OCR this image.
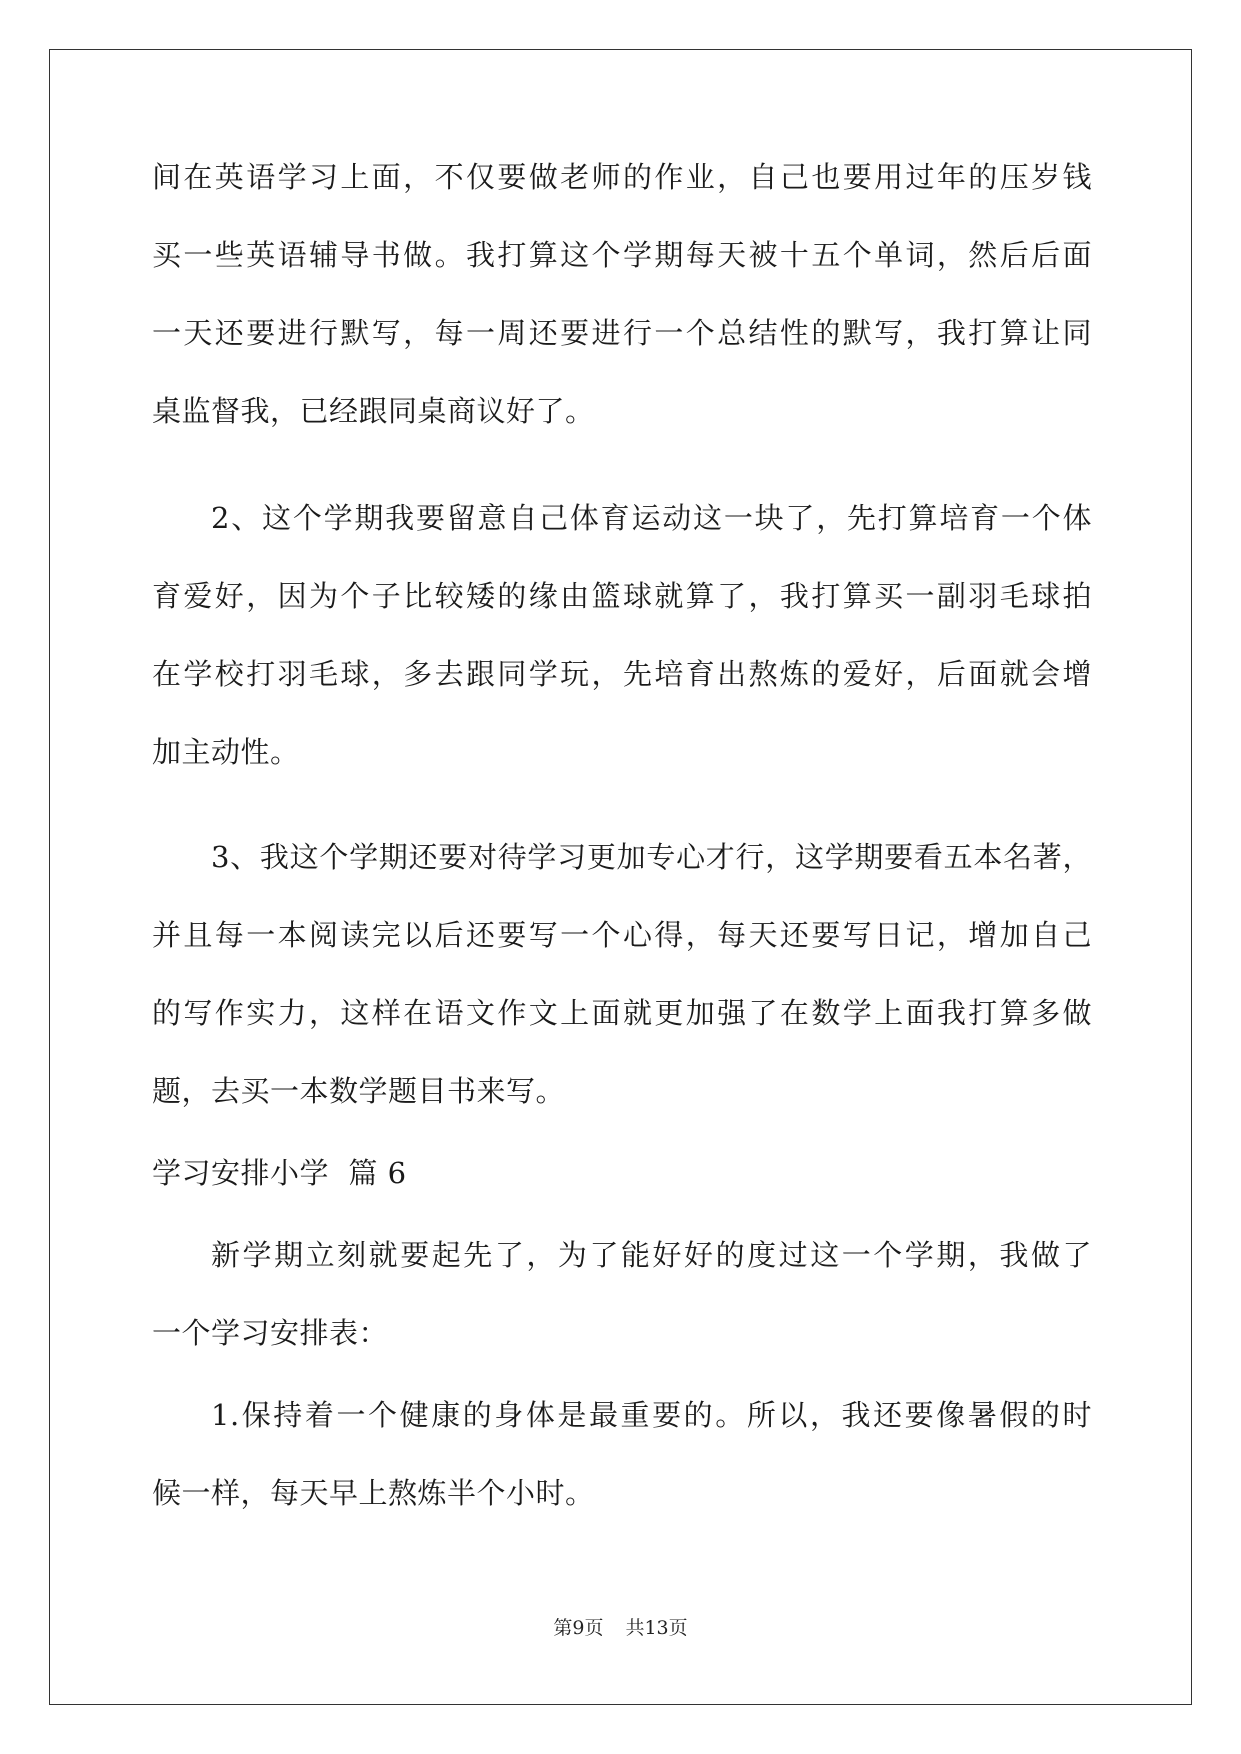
间在英语学习上面，不仅要做老师的作业，自己也要用过年的压岁钱
买一些英语辅导书做。我打算这个学期每天被十五个单词，然后后面
一天还要进行默写，每一周还要进行一个总结性的默写，我打算让同
桌监督我，已经跟同桌商议好了。
2、这个学期我要留意自己体育运动这一块了，先打算培育一个体
育爱好，因为个子比较矮的缘由篮球就算了，我打算买一副羽毛球拍
在学校打羽毛球，多去跟同学玩，先培育出熬炼的爱好，后面就会增
加主动性。
3、我这个学期还要对待学习更加专心才行，这学期要看五本名著，
并且每一本阅读完以后还要写一个心得，每天还要写日记，增加自己
的写作实力，这样在语文作文上面就更加强了在数学上面我打算多做
题，去买一本数学题目书来写。
学习安排小学  篇 6
新学期立刻就要起先了，为了能好好的度过这一个学期，我做了
一个学习安排表：
1.保持着一个健康的身体是最重要的。所以，我还要像暑假的时
候一样，每天早上熬炼半个小时。
第9页 共13页
